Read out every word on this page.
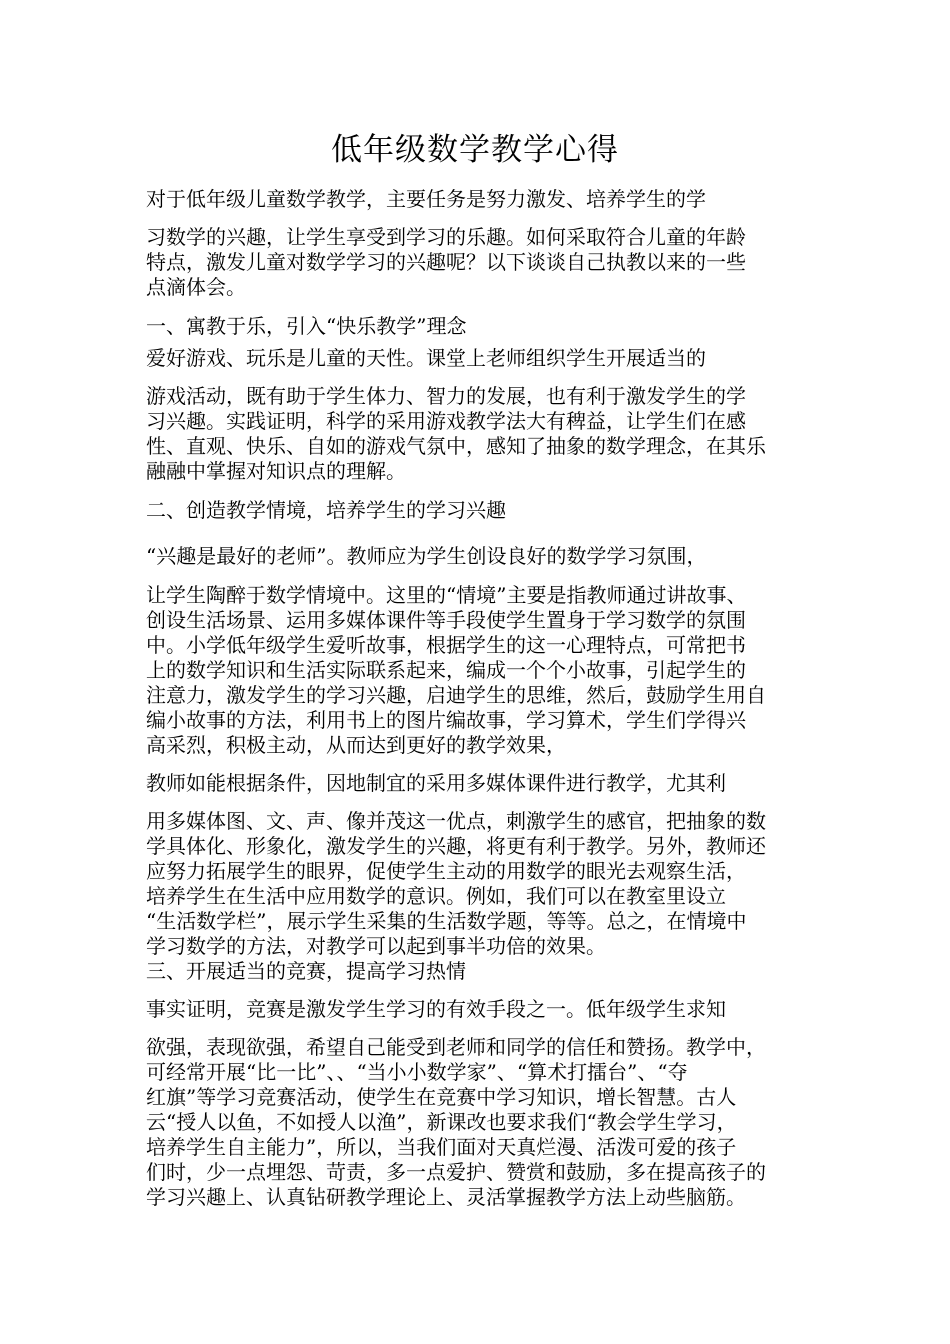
低年级数学教学心得
对于低年级儿童数学教学，主要任务是努力激发、培养学生的学
习数学的兴趣，让学生享受到学习的乐趣。如何采取符合儿童的年龄
特点，激发儿童对数学学习的兴趣呢？以下谈谈自己执教以来的一些
点滴体会。
一、寓教于乐，引入“快乐教学”理念
爱好游戏、玩乐是儿童的天性。课堂上老师组织学生开展适当的
游戏活动，既有助于学生体力、智力的发展，也有利于激发学生的学
习兴趣。实践证明，科学的采用游戏教学法大有稗益，让学生们在感
性、直观、快乐、自如的游戏气氛中，感知了抽象的数学理念，在其乐
融融中掌握对知识点的理解。
二、创造教学情境，培养学生的学习兴趣
“兴趣是最好的老师”。教师应为学生创设良好的数学学习氛围，
让学生陶醉于数学情境中。这里的“情境”主要是指教师通过讲故事、
创设生活场景、运用多媒体课件等手段使学生置身于学习数学的氛围
中。小学低年级学生爱听故事，根据学生的这一心理特点，可常把书
上的数学知识和生活实际联系起来，编成一个个小故事，引起学生的
注意力，激发学生的学习兴趣，启迪学生的思维，然后，鼓励学生用自
编小故事的方法，利用书上的图片编故事，学习算术，学生们学得兴
高采烈，积极主动，从而达到更好的教学效果，
教师如能根据条件，因地制宜的采用多媒体课件进行教学，尤其利
用多媒体图、文、声、像并茂这一优点，刺激学生的感官，把抽象的数
学具体化、形象化，激发学生的兴趣，将更有利于教学。另外，教师还
应努力拓展学生的眼界，促使学生主动的用数学的眼光去观察生活，
培养学生在生活中应用数学的意识。例如，我们可以在教室里设立
“生活数学栏”，展示学生采集的生活数学题，等等。总之，在情境中
学习数学的方法，对教学可以起到事半功倍的效果。
三、开展适当的竞赛，提高学习热情
事实证明，竞赛是激发学生学习的有效手段之一。低年级学生求知
欲强，表现欲强，希望自己能受到老师和同学的信任和赞扬。教学中，
可经常开展“比一比”、、“当小小数学家”、“算术打擂台”、“夺
红旗”等学习竞赛活动，使学生在竞赛中学习知识，增长智慧。古人
云“授人以鱼，不如授人以渔”，新课改也要求我们“教会学生学习，
培养学生自主能力”，所以，当我们面对天真烂漫、活泼可爱的孩子
们时，少一点埋怨、苛责，多一点爱护、赞赏和鼓励，多在提高孩子的
学习兴趣上、认真钻研教学理论上、灵活掌握教学方法上动些脑筋。
